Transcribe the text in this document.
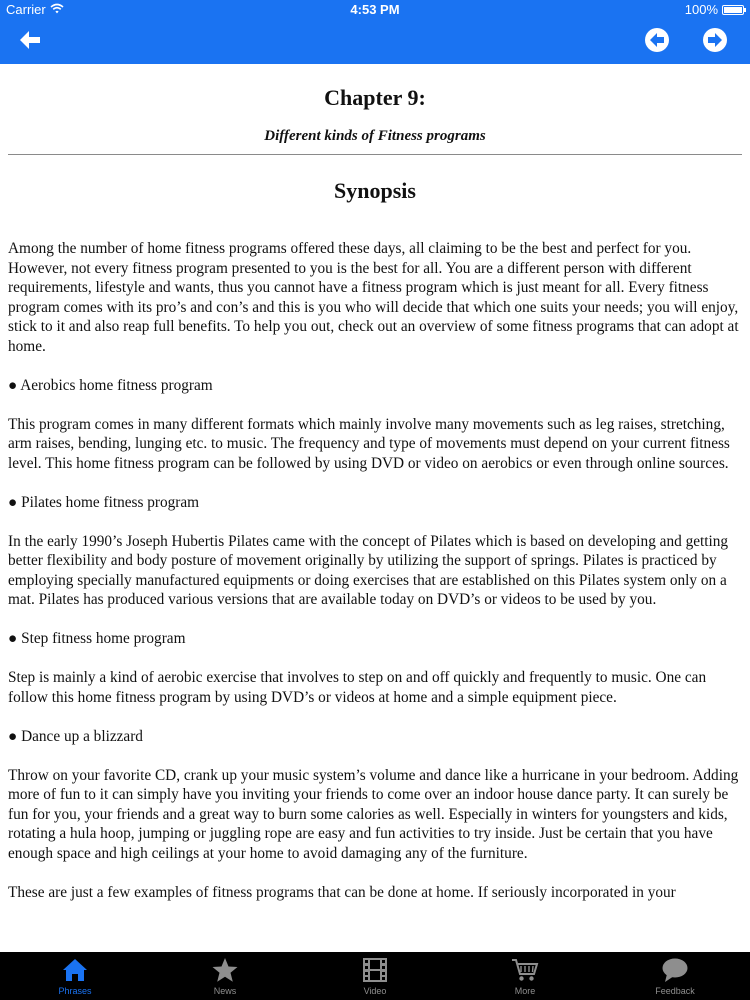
Carrier	4:53 PM	100%
Chapter 9:
Different kinds of Fitness programs
Synopsis

Among the number of home fitness programs offered these days, all claiming to be the best and perfect for you. However, not every fitness program presented to you is the best for all. You are a different person with different requirements, lifestyle and wants, thus you cannot have a fitness program which is just meant for all. Every fitness program comes with its pro’s and con’s and this is you who will decide that which one suits your needs; you will enjoy, stick to it and also reap full benefits. To help you out, check out an overview of some fitness programs that can adopt at home.

● Aerobics home fitness program

This program comes in many different formats which mainly involve many movements such as leg raises, stretching, arm raises, bending, lunging etc. to music. The frequency and type of movements must depend on your current fitness level. This home fitness program can be followed by using DVD or video on aerobics or even through online sources.

● Pilates home fitness program

In the early 1990’s Joseph Hubertis Pilates came with the concept of Pilates which is based on developing and getting better flexibility and body posture of movement originally by utilizing the support of springs. Pilates is practiced by employing specially manufactured equipments or doing exercises that are established on this Pilates system only on a mat. Pilates has produced various versions that are available today on DVD’s or videos to be used by you.

● Step fitness home program

Step is mainly a kind of aerobic exercise that involves to step on and off quickly and frequently to music. One can follow this home fitness program by using DVD’s or videos at home and a simple equipment piece.

● Dance up a blizzard

Throw on your favorite CD, crank up your music system’s volume and dance like a hurricane in your bedroom. Adding more of fun to it can simply have you inviting your friends to come over an indoor house dance party. It can surely be fun for you, your friends and a great way to burn some calories as well. Especially in winters for youngsters and kids, rotating a hula hoop, jumping or juggling rope are easy and fun activities to try inside. Just be certain that you have enough space and high ceilings at your home to avoid damaging any of the furniture.

These are just a few examples of fitness programs that can be done at home. If seriously incorporated in your

Phrases	News	Video	More	Feedback
